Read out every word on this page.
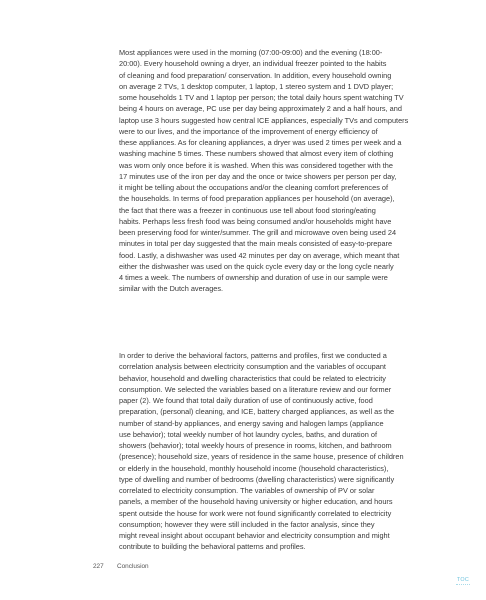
Most appliances were used in the morning (07:00-09:00) and the evening (18:00-
20:00). Every household owning a dryer, an individual freezer pointed to the habits
of cleaning and food preparation/ conservation. In addition, every household owning
on average 2 TVs, 1 desktop computer, 1 laptop, 1 stereo system and 1 DVD player;
some households 1 TV and 1 laptop per person; the total daily hours spent watching TV
being 4 hours on average, PC use per day being approximately 2 and a half hours, and
laptop use 3 hours suggested how central ICE appliances, especially TVs and computers
were to our lives, and the importance of the improvement of energy efficiency of
these appliances. As for cleaning appliances, a dryer was used 2 times per week and a
washing machine 5 times. These numbers showed that almost every item of clothing
was worn only once before it is washed. When this was considered together with the
17 minutes use of the iron per day and the once or twice showers per person per day,
it might be telling about the occupations and/or the cleaning comfort preferences of
the households. In terms of food preparation appliances per household (on average),
the fact that there was a freezer in continuous use tell about food storing/eating
habits. Perhaps less fresh food was being consumed and/or households might have
been preserving food for winter/summer. The grill and microwave oven being used 24
minutes in total per day suggested that the main meals consisted of easy-to-prepare
food. Lastly, a dishwasher was used 42 minutes per day on average, which meant that
either the dishwasher was used on the quick cycle every day or the long cycle nearly
4 times a week. The numbers of ownership and duration of use in our sample were
similar with the Dutch averages.
In order to derive the behavioral factors, patterns and profiles, first we conducted a
correlation analysis between electricity consumption and the variables of occupant
behavior, household and dwelling characteristics that could be related to electricity
consumption. We selected the variables based on a literature review and our former
paper (2). We found that total daily duration of use of continuously active, food
preparation, (personal) cleaning, and ICE, battery charged appliances, as well as the
number of stand-by appliances, and energy saving and halogen lamps (appliance
use behavior); total weekly number of hot laundry cycles, baths, and duration of
showers (behavior); total weekly hours of presence in rooms, kitchen, and bathroom
(presence); household size, years of residence in the same house, presence of children
or elderly in the household, monthly household income (household characteristics),
type of dwelling and number of bedrooms (dwelling characteristics) were significantly
correlated to electricity consumption. The variables of ownership of PV or solar
panels, a member of the household having university or higher education, and hours
spent outside the house for work were not found significantly correlated to electricity
consumption; however they were still included in the factor analysis, since they
might reveal insight about occupant behavior and electricity consumption and might
contribute to building the behavioral patterns and profiles.
227 Conclusion
TOC
